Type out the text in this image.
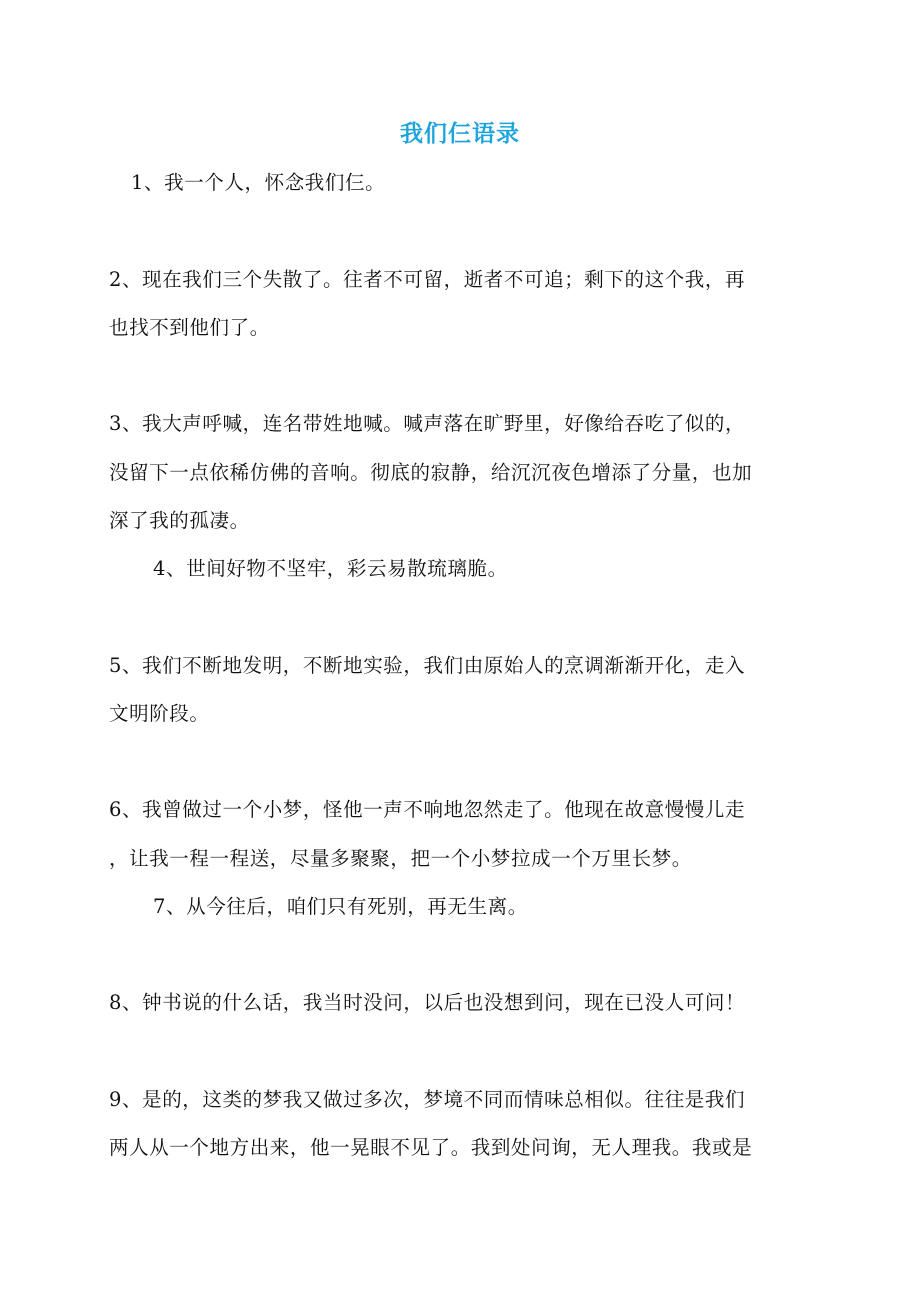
我们仨语录
1、我一个人，怀念我们仨。
2、现在我们三个失散了。往者不可留，逝者不可追；剩下的这个我，再
也找不到他们了。
3、我大声呼喊，连名带姓地喊。喊声落在旷野里，好像给吞吃了似的，
没留下一点依稀仿佛的音响。彻底的寂静，给沉沉夜色增添了分量，也加
深了我的孤凄。
4、世间好物不坚牢，彩云易散琉璃脆。
5、我们不断地发明，不断地实验，我们由原始人的烹调渐渐开化，走入
文明阶段。
6、我曾做过一个小梦，怪他一声不响地忽然走了。他现在故意慢慢儿走
，让我一程一程送，尽量多聚聚，把一个小梦拉成一个万里长梦。
7、从今往后，咱们只有死别，再无生离。
8、钟书说的什么话，我当时没问，以后也没想到问，现在已没人可问！
9、是的，这类的梦我又做过多次，梦境不同而情味总相似。往往是我们
两人从一个地方出来，他一晃眼不见了。我到处问询，无人理我。我或是
